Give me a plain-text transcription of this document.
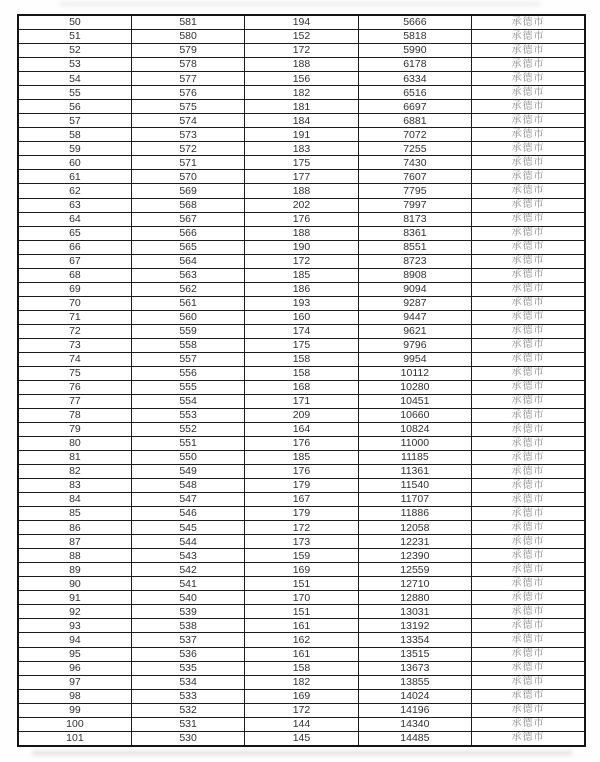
50	581	194	5666	承德市
51	580	152	5818	承德市
52	579	172	5990	承德市
53	578	188	6178	承德市
54	577	156	6334	承德市
55	576	182	6516	承德市
56	575	181	6697	承德市
57	574	184	6881	承德市
58	573	191	7072	承德市
59	572	183	7255	承德市
60	571	175	7430	承德市
61	570	177	7607	承德市
62	569	188	7795	承德市
63	568	202	7997	承德市
64	567	176	8173	承德市
65	566	188	8361	承德市
66	565	190	8551	承德市
67	564	172	8723	承德市
68	563	185	8908	承德市
69	562	186	9094	承德市
70	561	193	9287	承德市
71	560	160	9447	承德市
72	559	174	9621	承德市
73	558	175	9796	承德市
74	557	158	9954	承德市
75	556	158	10112	承德市
76	555	168	10280	承德市
77	554	171	10451	承德市
78	553	209	10660	承德市
79	552	164	10824	承德市
80	551	176	11000	承德市
81	550	185	11185	承德市
82	549	176	11361	承德市
83	548	179	11540	承德市
84	547	167	11707	承德市
85	546	179	11886	承德市
86	545	172	12058	承德市
87	544	173	12231	承德市
88	543	159	12390	承德市
89	542	169	12559	承德市
90	541	151	12710	承德市
91	540	170	12880	承德市
92	539	151	13031	承德市
93	538	161	13192	承德市
94	537	162	13354	承德市
95	536	161	13515	承德市
96	535	158	13673	承德市
97	534	182	13855	承德市
98	533	169	14024	承德市
99	532	172	14196	承德市
100	531	144	14340	承德市
101	530	145	14485	承德市
